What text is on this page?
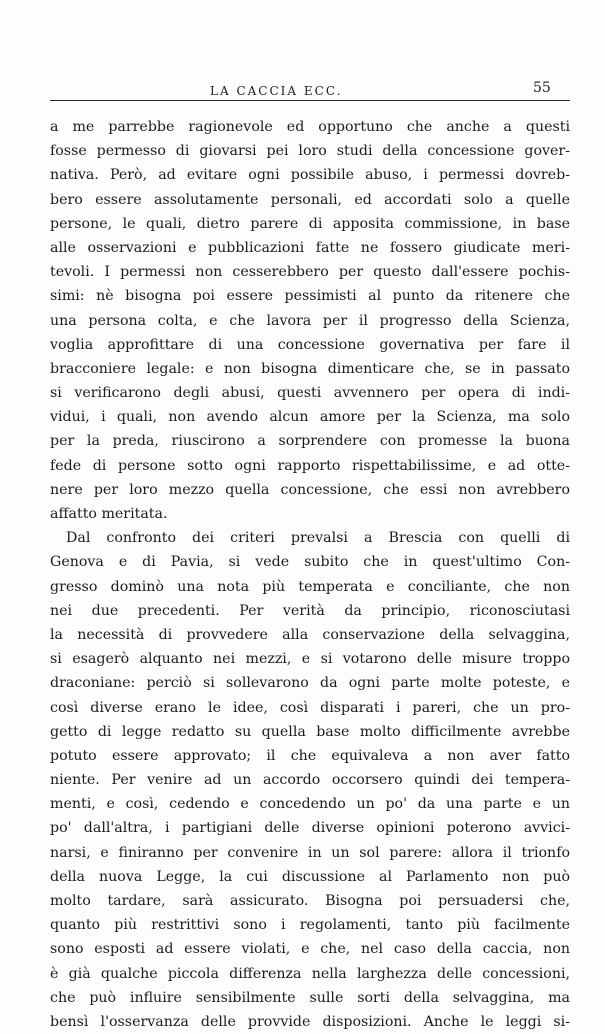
LA CACCIA ECC.	55
a me parrebbe ragionevole ed opportuno che anche a questi
fosse permesso di giovarsi pei loro studi della concessione gover-
nativa. Però, ad evitare ogni possibile abuso, i permessi dovreb-
bero essere assolutamente personali, ed accordati solo a quelle
persone, le quali, dietro parere di apposita commissione, in base
alle osservazioni e pubblicazioni fatte ne fossero giudicate meri-
tevoli. I permessi non cesserebbero per questo dall'essere pochis-
simi: nè bisogna poi essere pessimisti al punto da ritenere che
una persona colta, e che lavora per il progresso della Scienza,
voglia approfittare di una concessione governativa per fare il
bracconiere legale: e non bisogna dimenticare che, se in passato
si verificarono degli abusi, questi avvennero per opera di indi-
vidui, i quali, non avendo alcun amore per la Scienza, ma solo
per la preda, riuscirono a sorprendere con promesse la buona
fede di persone sotto ogni rapporto rispettabilissime, e ad otte-
nere per loro mezzo quella concessione, che essi non avrebbero
affatto meritata.
Dal confronto dei criteri prevalsi a Brescia con quelli di
Genova e di Pavia, si vede subito che in quest'ultimo Con-
gresso dominò una nota più temperata e conciliante, che non
nei due precedenti. Per verità da principio, riconosciutasi
la necessità di provvedere alla conservazione della selvaggina,
si esagerò alquanto nei mezzi, e si votarono delle misure troppo
draconiane: perciò si sollevarono da ogni parte molte poteste, e
così diverse erano le idee, così disparati i pareri, che un pro-
getto di legge redatto su quella base molto difficilmente avrebbe
potuto essere approvato; il che equivaleva a non aver fatto
niente. Per venire ad un accordo occorsero quindi dei tempera-
menti, e così, cedendo e concedendo un po' da una parte e un
po' dall'altra, i partigiani delle diverse opinioni poterono avvici-
narsi, e finiranno per convenire in un sol parere: allora il trionfo
della nuova Legge, la cui discussione al Parlamento non può
molto tardare, sarà assicurato. Bisogna poi persuadersi che,
quanto più restrittivi sono i regolamenti, tanto più facilmente
sono esposti ad essere violati, e che, nel caso della caccia, non
è già qualche piccola differenza nella larghezza delle concessioni,
che può influire sensibilmente sulle sorti della selvaggina, ma
bensì l'osservanza delle provvide disposizioni. Anche le leggi si-
